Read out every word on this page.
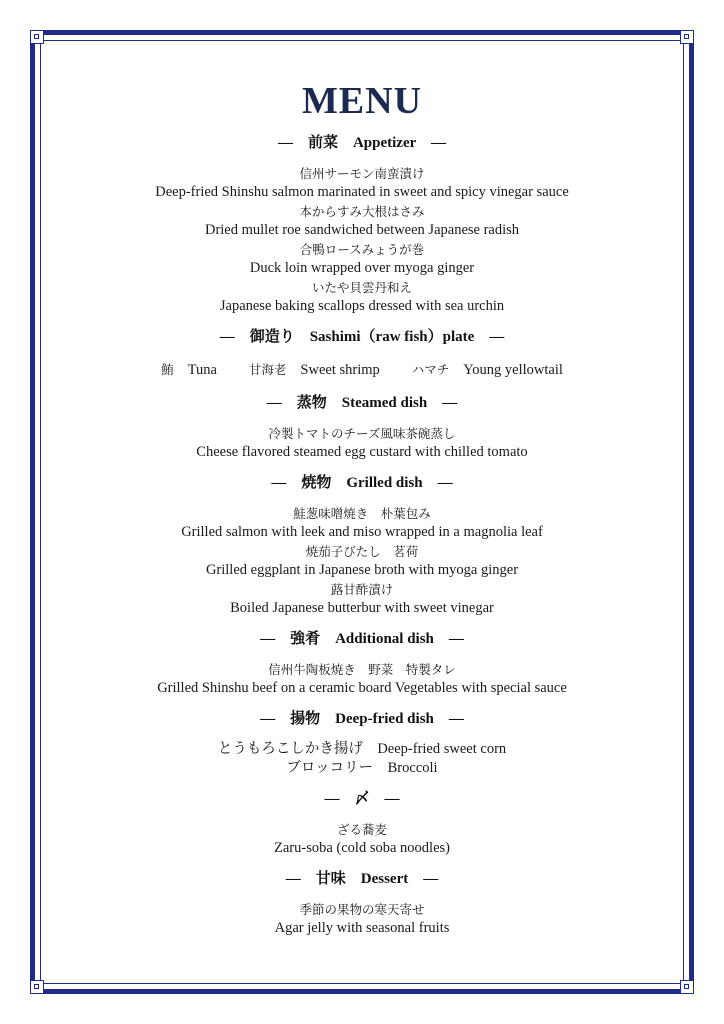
MENU
―　前菜　Appetizer　―
信州サーモン南蛮漬け
Deep-fried Shinshu salmon marinated in sweet and spicy vinegar sauce
本からすみ大根はさみ
Dried mullet roe sandwiched between Japanese radish
合鴨ロースみょうが巻
Duck loin wrapped over myoga ginger
いたや貝雲丹和え
Japanese baking scallops dressed with sea urchin
―　御造り　Sashimi（raw fish）plate　―
鮪 Tuna	甘海老 Sweet shrimp	ハマチ Young yellowtail
―　蒸物　Steamed dish　―
冷製トマトのチーズ風味茶碗蒸し
Cheese flavored steamed egg custard with chilled tomato
―　焼物　Grilled dish　―
鮭葱味噌焼き　朴葉包み
Grilled salmon with leek and miso wrapped in a magnolia leaf
焼茄子びたし　茗荷
Grilled eggplant in Japanese broth with myoga ginger
蕗甘酢漬け
Boiled Japanese butterbur with sweet vinegar
―　強肴　Additional dish　―
信州牛陶板焼き　野菜　特製タレ
Grilled Shinshu beef on a ceramic board Vegetables with special sauce
―　揚物　Deep-fried dish　―
とうもろこしかき揚げ　Deep-fried sweet corn
ブロッコリー　Broccoli
―　〆　―
ざる蕎麦
Zaru-soba (cold soba noodles)
―　甘味　Dessert　―
季節の果物の寒天寄せ
Agar jelly with seasonal fruits
